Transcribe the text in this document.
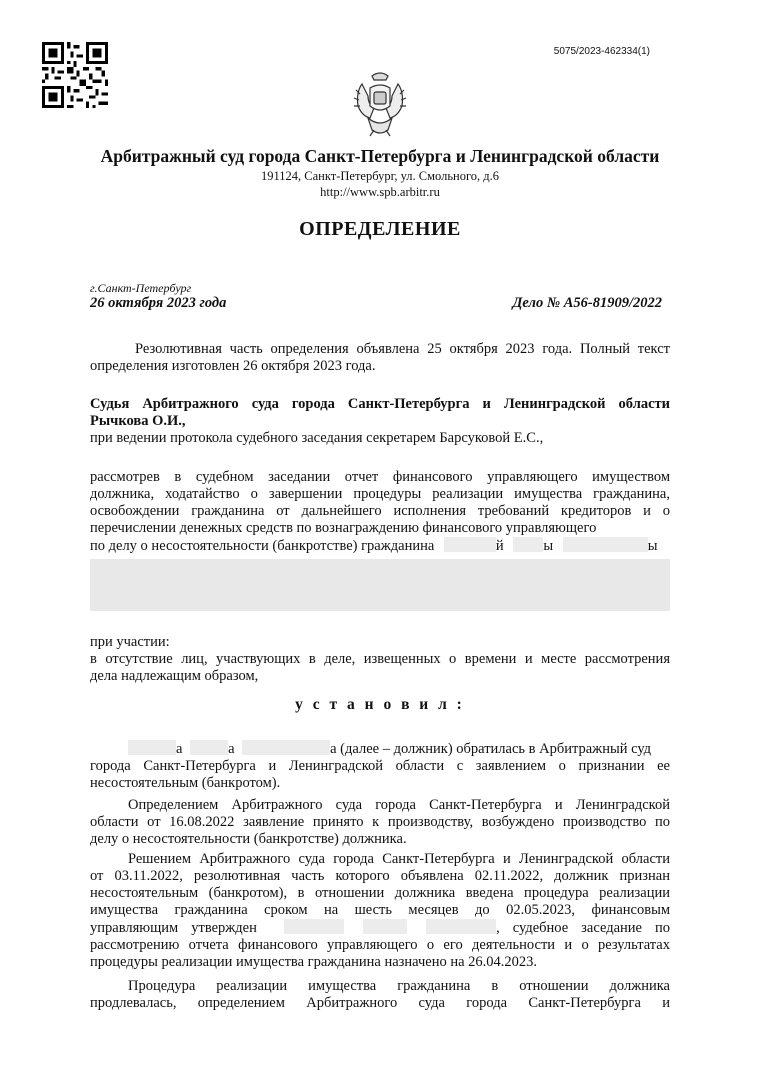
5075/2023-462334(1)
Арбитражный суд города Санкт-Петербурга и Ленинградской области
191124, Санкт-Петербург, ул. Смольного, д.6
http://www.spb.arbitr.ru
ОПРЕДЕЛЕНИЕ
г.Санкт-Петербург
26 октября 2023 года	Дело № А56-81909/2022
Резолютивная часть определения объявлена 25 октября 2023 года. Полный текст определения изготовлен 26 октября 2023 года.
Судья Арбитражного суда города Санкт-Петербурга и Ленинградской области
Рычкова О.И.,
при ведении протокола судебного заседания секретарем Барсуковой Е.С.,
рассмотрев в судебном заседании отчет финансового управляющего имуществом
должника, ходатайство о завершении процедуры реализации имущества гражданина,
освобождении гражданина от дальнейшего исполнения требований кредиторов и о
перечислении денежных средств по вознаграждению финансового управляющего
по делу о несостоятельности (банкротстве) гражданина	й	ы	ы
при участии:
в отсутствие лиц, участвующих в деле, извещенных о времени и месте рассмотрения
дела надлежащим образом,
у с т а н о в и л :
а	а	а (далее – должник) обратилась в Арбитражный суд
города Санкт-Петербурга и Ленинградской области с заявлением о признании ее
несостоятельным (банкротом).
Определением Арбитражного суда города Санкт-Петербурга и Ленинградской
области от 16.08.2022 заявление принято к производству, возбуждено производство по
делу о несостоятельности (банкротстве) должника.
Решением Арбитражного суда города Санкт-Петербурга и Ленинградской области
от 03.11.2022, резолютивная часть которого объявлена 02.11.2022, должник признан
несостоятельным (банкротом), в отношении должника введена процедура реализации
имущества гражданина сроком на шесть месяцев до 02.05.2023, финансовым
управляющим утвержден	, судебное заседание по
рассмотрению отчета финансового управляющего о его деятельности и о результатах
процедуры реализации имущества гражданина назначено на 26.04.2023.
Процедура реализации имущества гражданина в отношении должника
продлевалась, определением Арбитражного суда города Санкт-Петербурга и
